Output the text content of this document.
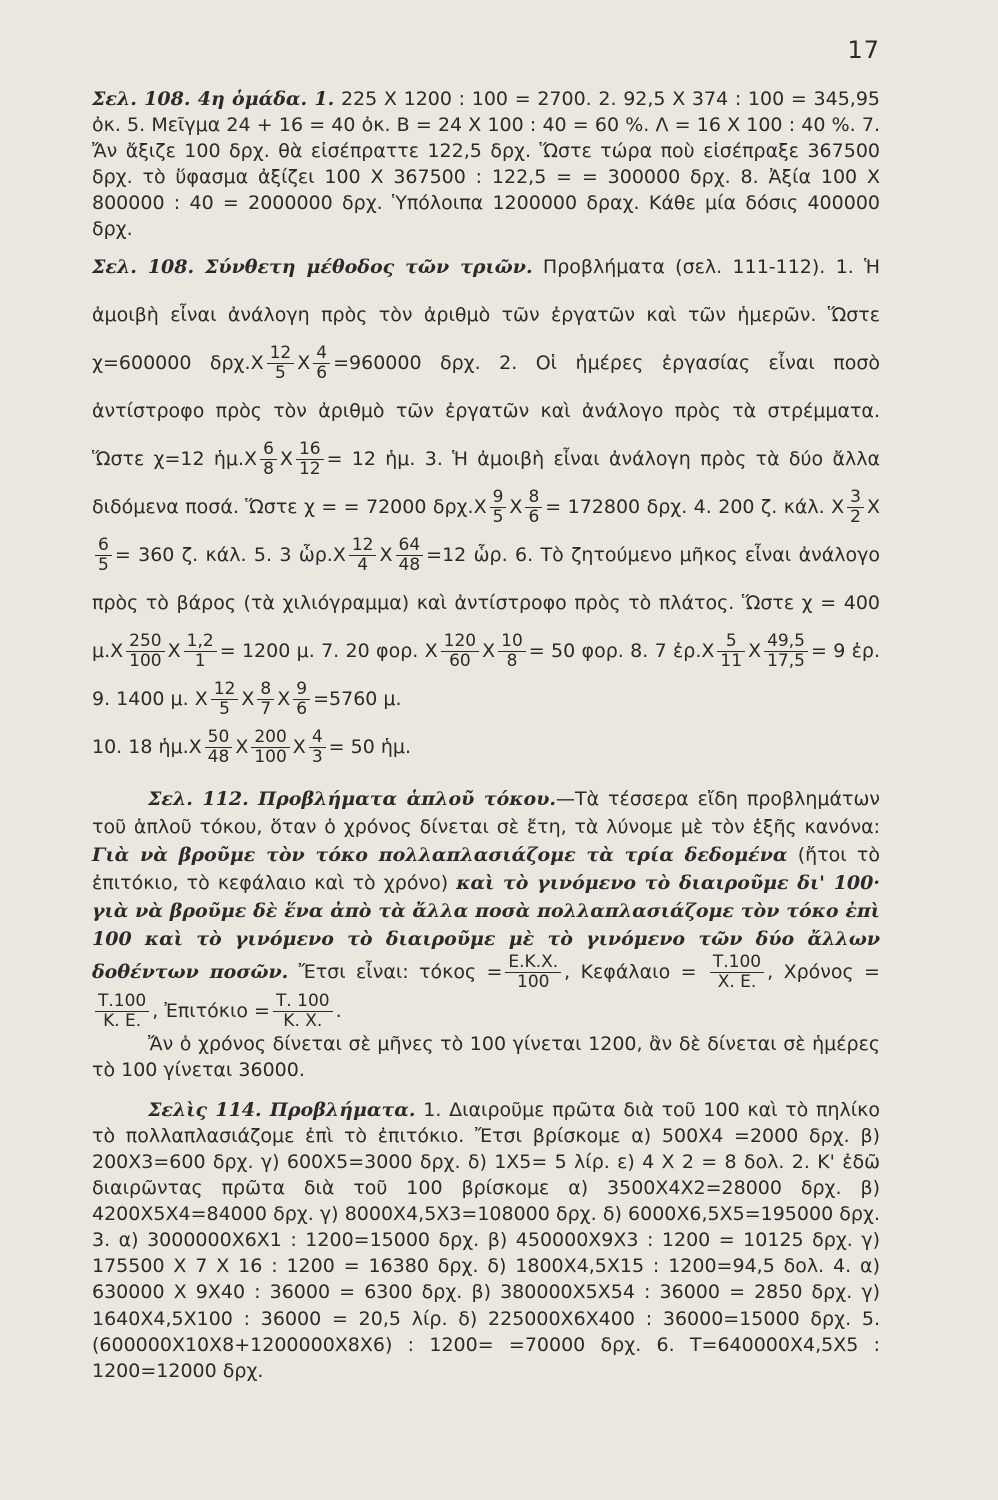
17

Σελ. 108. 4η ὁμάδα. 1. 225 X 1200 : 100 = 2700. 2. 92,5 X 374 : 100 = 345,95 ὀκ. 5. Μεῖγμα 24 + 16 = 40 ὀκ. Β = 24 X 100 : 40 = 60 %. Λ = 16 X 100 : 40 %. 7. Ἄν ἄξιζε 100 δρχ. θὰ εἰσέπραττε 122,5 δρχ. Ὥστε τώρα ποὺ εἰσέπραξε 367500 δρχ. τὸ ὕφασμα ἀξίζει 100 X 367500 : 122,5 = = 300000 δρχ. 8. Ἀξία 100 X 800000 : 40 = 2000000 δρχ. Ὑπόλοιπα 1200000 δραχ. Κάθε μία δόσις 400000 δρχ.

Σελ. 108. Σύνθετη μέθοδος τῶν τριῶν. Προβλήματα (σελ. 111-112). 1. Ἡ ἀμοιβὴ εἶναι ἀνάλογη πρὸς τὸν ἀριθμὸ τῶν ἐργατῶν καὶ τῶν ἡμερῶν. Ὥστε χ=600000 $\delta\rho\chi.X \frac{12}{5}$ X $\frac{4}{6} =960000$ δρχ. 2. Οἱ ἡμέρες ἐργασίας εἶναι ποσὸ ἀντίστροφο πρὸς τὸν ἀριθμὸ τῶν ἐργατῶν καὶ ἀνάλογο πρὸς τὰ στρέμματα. Ὥστε χ=12 ἡμ.X $\frac{6}{8}$ X $\frac{16}{12} = 12$ ἡμ. 3. Ἡ ἀμοιβὴ εἶναι ἀνάλογη πρὸς τὰ δύο ἄλλα διδόμενα ποσά. Ὥστε χ = = 72000 $\delta\rho\chi.X \frac{9}{5}$ X $\frac{8}{6} = 172800$ δρχ. 4. 200 ζ. κάλ. X $\frac{3}{2}$ X
$\frac{6}{5} = 360$ ζ. κάλ. 5. 3 ὧρ.X $\frac{12}{4}$ X $\frac{64}{48} =12$ ὧρ. 6. Τὸ ζητούμενο μῆκος εἶναι ἀνάλογο πρὸς τὸ βάρος (τὰ χιλιόγραμμα) καὶ ἀντίστροφο πρὸς τὸ πλάτος. Ὥστε χ = 400 $\mu.X \frac{250}{100}$ X $\frac{1,2}{1} = 1200$ μ. 7. 20 φορ. X $\frac{120}{60}$ X $\frac{10}{8} = 50$ φορ. 8. 7 ἐρ.X $\frac{5}{11}$ X $\frac{49,5}{17,5} = 9$ ἐρ. 9. 1400 μ. X $\frac{12}{5}$ X $\frac{8}{7}$ X $\frac{9}{6} =5760$ μ.

10. 18 ἡμ.X $\frac{50}{48}$ X $\frac{200}{100}$ X $\frac{4}{3} = 50$ ἡμ.

Σελ. 112. Προβλήματα ἁπλοῦ τόκου.—Τὰ τέσσερα εἴδη προβλημάτων τοῦ ἁπλοῦ τόκου, ὅταν ὁ χρόνος δίνεται σὲ ἔτη, τὰ λύνομε μὲ τὸν ἑξῆς κανόνα: Γιὰ νὰ βροῦμε τὸν τόκο πολλαπλασιάζομε τὰ τρία δεδομένα (ἤτοι τὸ ἐπιτόκιο, τὸ κεφάλαιο καὶ τὸ χρόνο) καὶ τὸ γινόμενο τὸ διαιροῦμε δι' 100· γιὰ νὰ βροῦμε δὲ ἕνα ἀπὸ τὰ ἄλλα ποσὰ πολλαπλασιάζομε τὸν τόκο ἐπὶ 100 καὶ τὸ γινόμενο τὸ διαιροῦμε μὲ τὸ γινόμενο τῶν δύο ἄλλων δοθέντων ποσῶν. Ἔτσι εἶναι: $\tau ό\kappa o\varsigma = \frac{E.K.X.}{100}$ , $K\varepsilon\varphi ά\lambda\alpha\iota o = \frac{T.100}{X. E.}$ , Χρόνος =
$\frac{T.100}{K. E.}$ , Ἐπιτόκιο = $\frac{T. 100}{K. X.}$ .

Ἄν ὁ χρόνος δίνεται σὲ μῆνες τὸ 100 γίνεται 1200, ἂν δὲ δίνεται σὲ ἡμέρες τὸ 100 γίνεται 36000.

Σελὶς 114. Προβλήματα. 1. Διαιροῦμε πρῶτα διὰ τοῦ 100 καὶ τὸ πηλίκο τὸ πολλαπλασιάζομε ἐπὶ τὸ ἐπιτόκιο. Ἔτσι βρίσκομε α) 500Χ4 =2000 δρχ. β) 200Χ3=600 δρχ. γ) 600Χ5=3000 δρχ. δ) 1Χ5= 5 λίρ. ε) 4 Χ 2 = 8 δολ. 2. Κ' ἐδῶ διαιρῶντας πρῶτα διὰ τοῦ 100 βρίσκομε α) 3500Χ4Χ2=28000 δρχ. β) 4200Χ5Χ4=84000 δρχ. γ) 8000Χ4,5Χ3=108000 δρχ. δ) 6000Χ6,5Χ5=195000 δρχ. 3. α) 3000000Χ6Χ1 : 1200=15000 δρχ. β) 450000Χ9Χ3 : 1200 = 10125 δρχ. γ) 175500 Χ 7 Χ 16 : 1200 = 16380 δρχ. δ) 1800Χ4,5Χ15 : 1200=94,5 δολ. 4. α) 630000 Χ 9Χ40 : 36000 = 6300 δρχ. β) 380000Χ5Χ54 : 36000 = 2850 δρχ. γ) 1640Χ4,5Χ100 : 36000 = 20,5 λίρ. δ) 225000Χ6Χ400 : 36000=15000 δρχ. 5. (600000Χ10Χ8+1200000Χ8Χ6) : 1200= =70000 δρχ. 6. Τ=640000Χ4,5Χ5 : 1200=12000 δρχ.
